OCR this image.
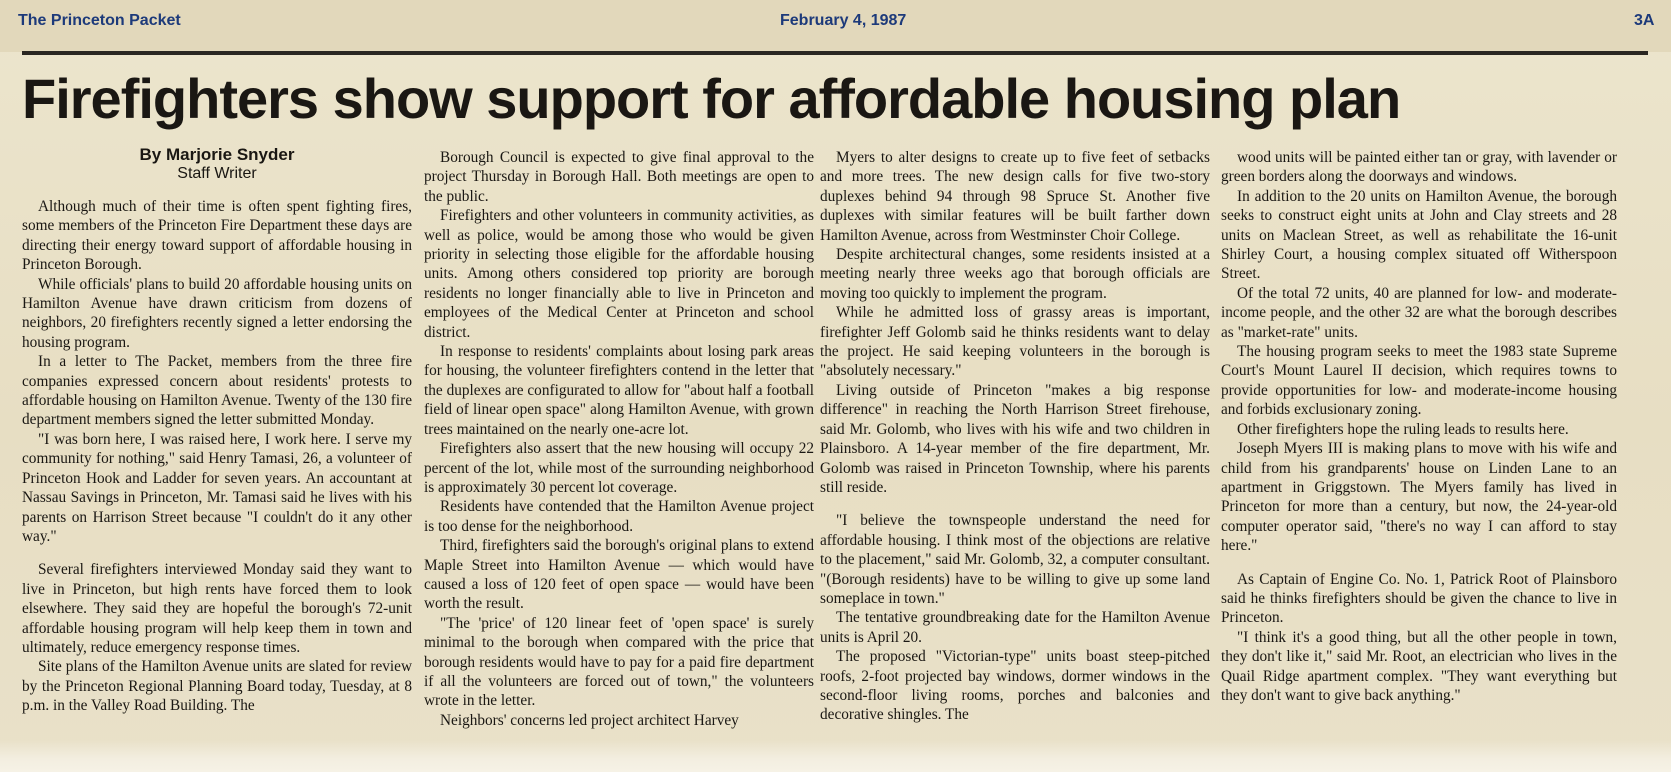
The Princeton Packet	February 4, 1987	3A
Firefighters show support for affordable housing plan
By Marjorie Snyder
Staff Writer

Although much of their time is often spent fighting fires, some members of the Princeton Fire Department these days are directing their energy toward support of affordable housing in Princeton Borough.

While officials' plans to build 20 affordable housing units on Hamilton Avenue have drawn criticism from dozens of neighbors, 20 firefighters recently signed a letter endorsing the housing program.

In a letter to The Packet, members from the three fire companies expressed concern about residents' protests to affordable housing on Hamilton Avenue. Twenty of the 130 fire department members signed the letter submitted Monday.

"I was born here, I was raised here, I work here. I serve my community for nothing," said Henry Tamasi, 26, a volunteer of Princeton Hook and Ladder for seven years. An accountant at Nassau Savings in Princeton, Mr. Tamasi said he lives with his parents on Harrison Street because "I couldn't do it any other way."

Several firefighters interviewed Monday said they want to live in Princeton, but high rents have forced them to look elsewhere. They said they are hopeful the borough's 72-unit affordable housing program will help keep them in town and ultimately, reduce emergency response times.

Site plans of the Hamilton Avenue units are slated for review by the Princeton Regional Planning Board today, Tuesday, at 8 p.m. in the Valley Road Building. The

Borough Council is expected to give final approval to the project Thursday in Borough Hall. Both meetings are open to the public.

Firefighters and other volunteers in community activities, as well as police, would be among those who would be given priority in selecting those eligible for the affordable housing units. Among others considered top priority are borough residents no longer financially able to live in Princeton and employees of the Medical Center at Princeton and school district.

In response to residents' complaints about losing park areas for housing, the volunteer firefighters contend in the letter that the duplexes are configurated to allow for "about half a football field of linear open space" along Hamilton Avenue, with grown trees maintained on the nearly one-acre lot.

Firefighters also assert that the new housing will occupy 22 percent of the lot, while most of the surrounding neighborhood is approximately 30 percent lot coverage.

Residents have contended that the Hamilton Avenue project is too dense for the neighborhood.

Third, firefighters said the borough's original plans to extend Maple Street into Hamilton Avenue — which would have caused a loss of 120 feet of open space — would have been worth the result.

"The 'price' of 120 linear feet of 'open space' is surely minimal to the borough when compared with the price that borough residents would have to pay for a paid fire department if all the volunteers are forced out of town," the volunteers wrote in the letter.

Neighbors' concerns led project architect Harvey

Myers to alter designs to create up to five feet of setbacks and more trees. The new design calls for five two-story duplexes behind 94 through 98 Spruce St. Another five duplexes with similar features will be built farther down Hamilton Avenue, across from Westminster Choir College.

Despite architectural changes, some residents insisted at a meeting nearly three weeks ago that borough officials are moving too quickly to implement the program.

While he admitted loss of grassy areas is important, firefighter Jeff Golomb said he thinks residents want to delay the project. He said keeping volunteers in the borough is "absolutely necessary."

Living outside of Princeton "makes a big response difference" in reaching the North Harrison Street firehouse, said Mr. Golomb, who lives with his wife and two children in Plainsboro. A 14-year member of the fire department, Mr. Golomb was raised in Princeton Township, where his parents still reside.

"I believe the townspeople understand the need for affordable housing. I think most of the objections are relative to the placement," said Mr. Golomb, 32, a computer consultant. "(Borough residents) have to be willing to give up some land someplace in town."

The tentative groundbreaking date for the Hamilton Avenue units is April 20.

The proposed "Victorian-type" units boast steep-pitched roofs, 2-foot projected bay windows, dormer windows in the second-floor living rooms, porches and balconies and decorative shingles. The

wood units will be painted either tan or gray, with lavender or green borders along the doorways and windows.

In addition to the 20 units on Hamilton Avenue, the borough seeks to construct eight units at John and Clay streets and 28 units on Maclean Street, as well as rehabilitate the 16-unit Shirley Court, a housing complex situated off Witherspoon Street.

Of the total 72 units, 40 are planned for low- and moderate-income people, and the other 32 are what the borough describes as "market-rate" units.

The housing program seeks to meet the 1983 state Supreme Court's Mount Laurel II decision, which requires towns to provide opportunities for low- and moderate-income housing and forbids exclusionary zoning.

Other firefighters hope the ruling leads to results here.

Joseph Myers III is making plans to move with his wife and child from his grandparents' house on Linden Lane to an apartment in Griggstown. The Myers family has lived in Princeton for more than a century, but now, the 24-year-old computer operator said, "there's no way I can afford to stay here."

As Captain of Engine Co. No. 1, Patrick Root of Plainsboro said he thinks firefighters should be given the chance to live in Princeton.

"I think it's a good thing, but all the other people in town, they don't like it," said Mr. Root, an electrician who lives in the Quail Ridge apartment complex. "They want everything but they don't want to give back anything."
